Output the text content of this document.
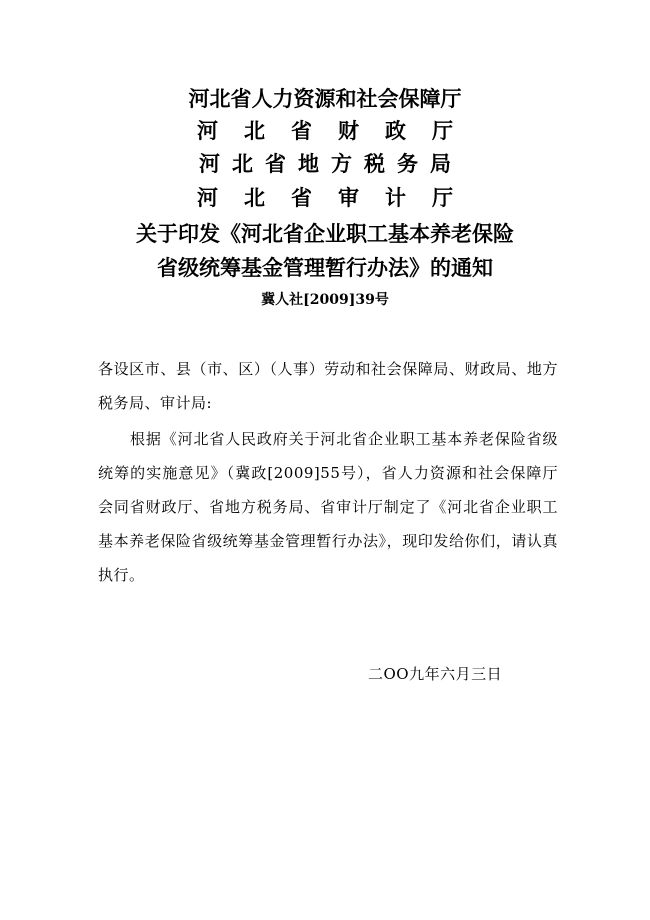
河北省人力资源和社会保障厅
河北省财政厅
河北省地方税务局
河北省审计厅
关于印发《河北省企业职工基本养老保险
省级统筹基金管理暂行办法》的通知
冀人社[2009]39号
各设区市、县（市、区）（人事）劳动和社会保障局、财政局、地方税务局、审计局:
根据《河北省人民政府关于河北省企业职工基本养老保险省级统筹的实施意见》（冀政[2009]55号），省人力资源和社会保障厅会同省财政厅、省地方税务局、省审计厅制定了《河北省企业职工基本养老保险省级统筹基金管理暂行办法》，现印发给你们，请认真执行。
二OO九年六月三日
